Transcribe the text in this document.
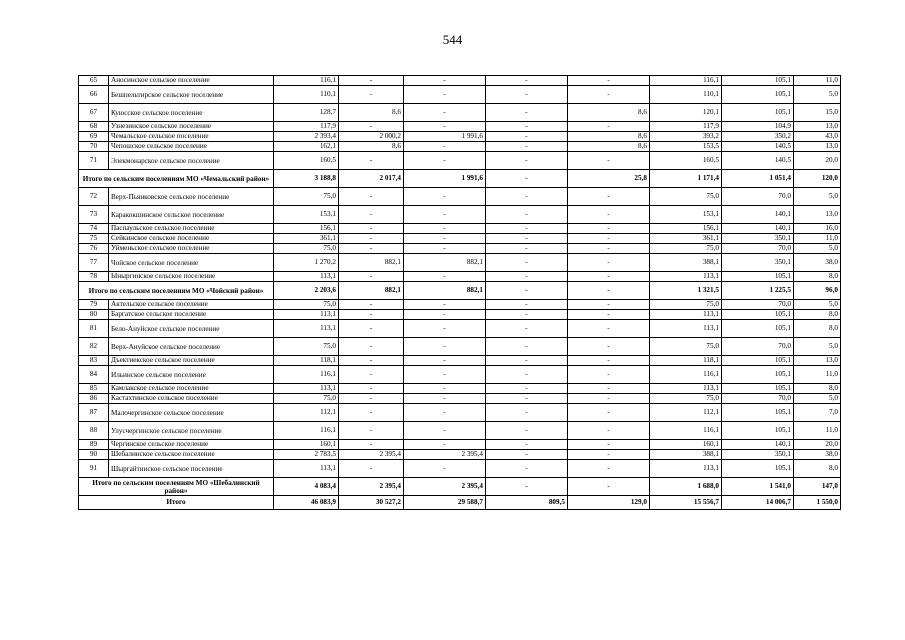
544
65	Аносинское сельское поселение	116,1	-	-	-	-	116,1	105,1	11,0
66	Бешпельтирское сельское поселение	110,1	-	-	-	-	110,1	105,1	5,0
67	Куюсское сельское поселение	128,7	8,6	-	-	8,6	120,1	105,1	15,0
68	Узнезинское сельское поселение	117,9	-	-	-	-	117,9	104,9	13,0
69	Чемальское сельское поселение	2 393,4	2 000,2	1 991,6	-	8,6	393,2	350,2	43,0
70	Чепошское сельское поселение	162,1	8,6	-	-	8,6	153,5	140,5	13,0
71	Элекмонарское сельское поселение	160,5	-	-	-	-	160,5	140,5	20,0
Итого по сельским поселениям МО «Чемальский район»		3 188,8	2 017,4	1 991,6	-	25,8	1 171,4	1 051,4	120,0
72	Верх-Пьянковское сельское поселение	75,0	-	-	-	-	75,0	70,0	5,0
73	Каракокшинское сельское поселение	153,1	-	-	-	-	153,1	140,1	13,0
74	Паспаульское сельское поселение	156,1	-	-	-	-	156,1	140,1	16,0
75	Сейкинское сельское поселение	361,1	-	-	-	-	361,1	350,1	11,0
76	Уйменьское сельское поселение	75,0	-	-	-	-	75,0	70,0	5,0
77	Чойское сельское поселение	1 270,2	882,1	882,1	-	-	388,1	350,1	38,0
78	Ыныргинское сельское поселение	113,1	-	-	-	-	113,1	105,1	8,0
Итого по сельским поселениям МО «Чойский район»		2 203,6	882,1	882,1	-	-	1 321,5	1 225,5	96,0
79	Актельское сельское поселение	75,0	-	-	-	-	75,0	70,0	5,0
80	Баргатское сельское поселение	113,1	-	-	-	-	113,1	105,1	8,0
81	Бело-Ануйское сельское поселение	113,1	-	-	-	-	113,1	105,1	8,0
82	Верх-Ануйское сельское поселение	75,0	-	-	-	-	75,0	70,0	5,0
83	Дъектиекское сельское поселение	118,1	-	-	-	-	118,1	105,1	13,0
84	Ильинское сельское поселение	116,1	-	-	-	-	116,1	105,1	11,0
85	Камлакское сельское поселение	113,1	-	-	-	-	113,1	105,1	8,0
86	Кастахтинское сельское поселение	75,0	-	-	-	-	75,0	70,0	5,0
87	Малочергинское сельское поселение	112,1	-	-	-	-	112,1	105,1	7,0
88	Улусчергинское сельское поселение	116,1	-	-	-	-	116,1	105,1	11,0
89	Чергинское сельское поселение	160,1	-	-	-	-	160,1	140,1	20,0
90	Шебалинское сельское поселение	2 783,5	2 395,4	2 395,4	-	-	388,1	350,1	38,0
91	Шыргайтинское сельское поселение	113,1	-	-	-	-	113,1	105,1	8,0
Итого по сельским поселениям МО «Шебалинский район»		4 083,4	2 395,4	2 395,4	-	-	1 688,0	1 541,0	147,0
Итого		46 083,9	30 527,2	29 588,7	809,5	129,0	15 556,7	14 006,7	1 550,0
